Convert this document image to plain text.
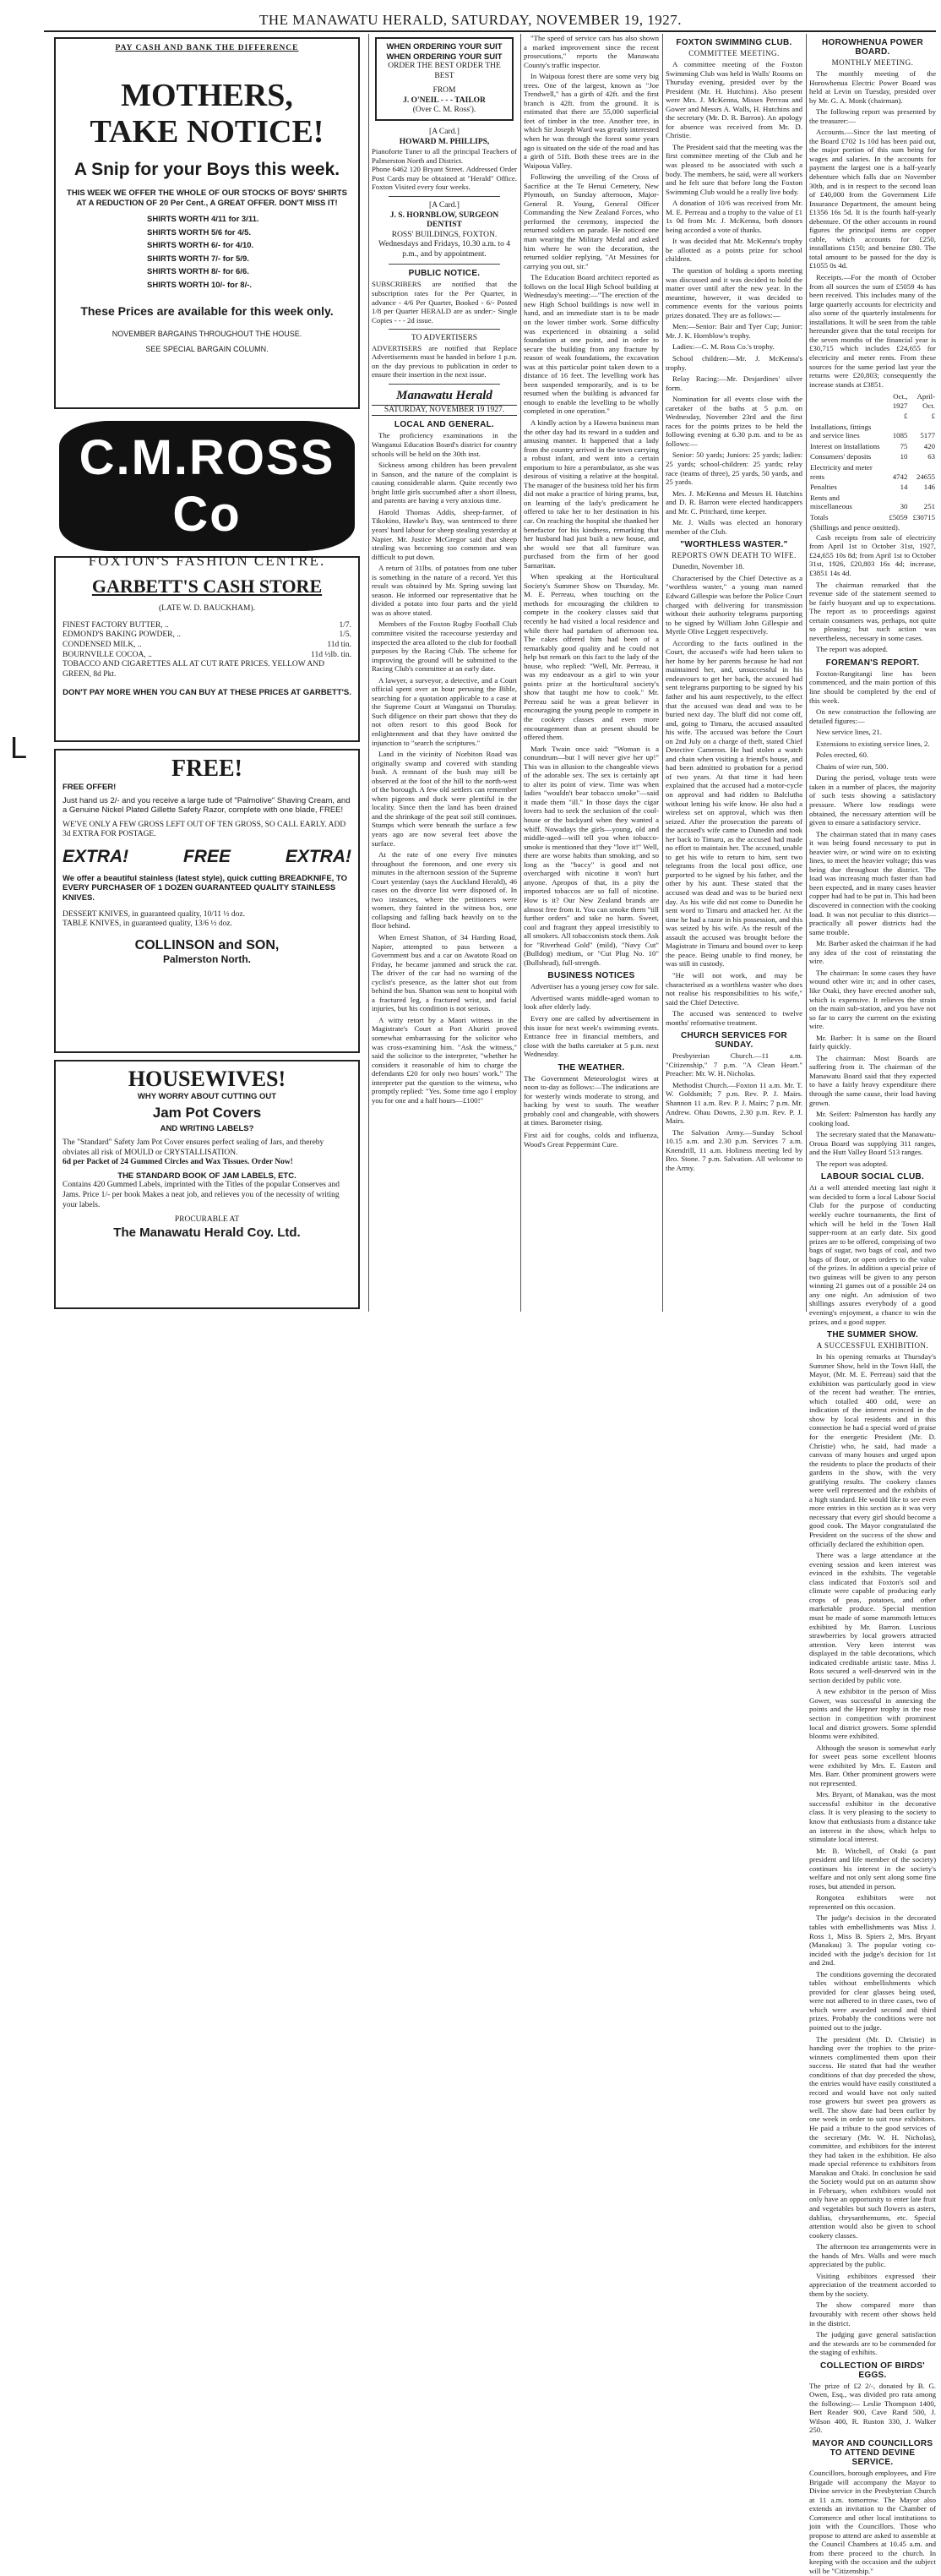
THE MANAWATU HERALD, SATURDAY, NOVEMBER 19, 1927.
L
PAY CASH AND BANK THE DIFFERENCE
MOTHERS, TAKE NOTICE!
A Snip for your Boys this week.
THIS WEEK WE OFFER THE WHOLE OF OUR STOCKS OF BOYS' SHIRTS AT A REDUCTION OF 20 Per Cent., A GREAT OFFER. DON'T MISS IT!
SHIRTS WORTH 4/11 for 3/11.
SHIRTS WORTH 5/6 for 4/5.
SHIRTS WORTH 6/- for 4/10.
SHIRTS WORTH 7/- for 5/9.
SHIRTS WORTH 8/- for 6/6.
SHIRTS WORTH 10/- for 8/-.
These Prices are available for this week only.
NOVEMBER BARGAINS THROUGHOUT THE HOUSE.
SEE SPECIAL BARGAIN COLUMN.
C.M.ROSS Co
FOXTON'S FASHION CENTRE.
GARBETT'S CASH STORE
(LATE W. D. BAUCKHAM).
FINEST FACTORY BUTTER, ..	1/7.
EDMOND'S BAKING POWDER, ..	1/5.
CONDENSED MILK, ..	11d tin.
BOURNVILLE COCOA, ..	11d ½lb. tin.
TOBACCO AND CIGARETTES ALL AT CUT RATE PRICES. YELLOW AND GREEN, 8d Pkt.
DON'T PAY MORE WHEN YOU CAN BUY AT THESE PRICES AT GARBETT'S.
FREE!
FREE OFFER!
Just hand us 2/- and you receive a large tude of "Palmolive" Shaving Cream, and a Genuine Nickel Plated Gillette Safety Razor, complete with one blade, FREE!
WE'VE ONLY A FEW GROSS LEFT OUT OF TEN GROSS, SO CALL EARLY. ADD 3d EXTRA FOR POSTAGE.
EXTRA!	FREE	EXTRA!
We offer a beautiful stainless (latest style), quick cutting BREADKNIFE, TO EVERY PURCHASER OF 1 DOZEN GUARANTEED QUALITY STAINLESS KNIVES.
DESSERT KNIVES, in guaranteed quality, 10/11 ½ doz.
TABLE KNIVES, in guaranteed quality, 13/6 ½ doz.
COLLINSON and SON,
Palmerston North.
HOUSEWIVES!
WHY WORRY ABOUT CUTTING OUT
Jam Pot Covers
AND WRITING LABELS?
The "Standard" Safety Jam Pot Cover ensures perfect sealing of Jars, and thereby obviates all risk of MOULD or CRYSTALLISATION.
6d per Packet of 24 Gummed Circles and Wax Tissues. Order Now!
THE STANDARD BOOK OF JAM LABELS, ETC.
Contains 420 Gummed Labels, imprinted with the Titles of the popular Conserves and Jams. Price 1/- per book Makes a neat job, and relieves you of the necessity of writing your labels.
PROCURABLE AT
The Manawatu Herald Coy. Ltd.
WHEN ORDERING YOUR SUIT
WHEN ORDERING YOUR SUIT
ORDER THE BEST ORDER THE BEST
FROM
J. O'NEIL - - - TAILOR
(Over C. M. Ross').
[A Card.]
HOWARD M. PHILLIPS,
Pianoforte Tuner to all the principal Teachers of Palmerston North and District.
Phone 6462 120 Bryant Street. Addressed Order Post Cards may be obtained at "Herald" Office. Foxton Visited every four weeks.
[A Card.]
J. S. HORNBLOW, SURGEON DENTIST
ROSS' BUILDINGS, FOXTON.
Wednesdays and Fridays, 10.30 a.m. to 4 p.m., and by appointment.
PUBLIC NOTICE.
SUBSCRIBERS are notified that the subscription rates for the Per Quarter, in advance - 4/6 Per Quarter, Booked - 6/- Posted 1/8 per Quarter HERALD are as under:- Single Copies - - - 2d issue.
TO ADVERTISERS
ADVERTISERS are notified that Replace Advertisements must be handed in before 1 p.m. on the day previous to publication in order to ensure their insertion in the next issue.
Manawatu Herald
SATURDAY, NOVEMBER 19 1927.
LOCAL AND GENERAL.

The proficiency examinations in the Wanganui Education Board's district for country schools will be held on the 30th inst.

Sickness among children has been prevalent in Sanson, and the nature of the complaint is causing considerable alarm. Quite recently two bright little girls succumbed after a short illness, and parents are having a very anxious time.

Harold Thomas Addis, sheep-farmer, of Tikokino, Hawke's Bay, was sentenced to three years' hard labour for sheep stealing yesterday at Napier. Mr. Justice McGregor said that sheep stealing was becoming too common and was difficult to put down.

A return of 31lbs. of potatoes from one tuber is something in the nature of a record. Yet this result was obtained by Mr. Spring sowing last season. He informed our representative that he divided a potato into four parts and the yield was as above stated.

Members of the Foxton Rugby Football Club committee visited the racecourse yesterday and inspected the area alloted to the club for football purposes by the Racing Club. The scheme for improving the ground will be submitted to the Racing Club's committee at an early date.

A lawyer, a surveyor, a detective, and a Court official spent over an hour perusing the Bible, searching for a quotation applicable to a case at the Supreme Court at Wanganui on Thursday. Such diligence on their part shows that they do not often resort to this good Book for enlightenment and that they have omitted the injunction to "search the scriptures."

Land in the vicinity of Norbiton Road was originally swamp and covered with standing bush. A remnant of the bush may still be observed at the foot of the hill to the north-west of the borough. A few old settlers can remember when pigeons and duck were plentiful in the locality. Since then the land has been drained and the shrinkage of the peat soil still continues. Stumps which were beneath the surface a few years ago are now several feet above the surface.

At the rate of one every five minutes throughout the forenoon, and one every six minutes in the afternoon session of the Supreme Court yesterday (says the Auckland Herald), 46 cases on the divorce list were disposed of. In two instances, where the petitioners were women, they fainted in the witness box, one collapsing and falling back heavily on to the floor behind.

When Ernest Shatton, of 34 Harding Road, Napier, attempted to pass between a Government bus and a car on Awatoto Road on Friday, he became jammed and struck the car. The driver of the car had no warning of the cyclist's presence, as the latter shot out from behind the bus. Shatton was sent to hospital with a fractured leg, a fractured wrist, and facial injuries, but his condition is not serious.

A witty retort by a Maori witness in the Magistrate's Court at Port Ahuriri proved somewhat embarrassing for the solicitor who was cross-examining him. "Ask the witness," said the solicitor to the interpreter, "whether he considers it reasonable of him to charge the defendants £20 for only two hours' work." The interpreter put the question to the witness, who promptly replied: "Yes. Some time ago I employ you for one and a half hours—£100!"

"The speed of service cars has also shown a marked improvement since the recent prosecutions," reports the Manawatu County's traffic inspector.

In Waipoua forest there are some very big trees. One of the largest, known as "Joe Trendwell," has a girth of 42ft. and the first branch is 42ft. from the ground. It is estimated that there are 55,000 superficial feet of timber in the tree. Another tree, in which Sir Joseph Ward was greatly interested when he was through the forest some years ago is situated on the side of the road and has a girth of 51ft. Both these trees are in the Waipoua Valley.

Following the unveiling of the Cross of Sacrifice at the Te Henui Cemetery, New Plymouth, on Sunday afternoon, Major-General R. Young, General Officer Commanding the New Zealand Forces, who performed the ceremony, inspected the returned soldiers on parade. He noticed one man wearing the Military Medal and asked him where he won the decoration, the returned soldier replying, "At Messines for carrying you out, sir."

The Education Board architect reported as follows on the local High School building at Wednesday's meeting:—"The erection of the new High School buildings is now well in hand, and an immediate start is to be made on the lower timber work. Some difficulty was experienced in obtaining a solid foundation at one point, and in order to secure the building from any fracture by reason of weak foundations, the excavation was at this particular point taken down to a distance of 16 feet. The levelling work has been suspended temporarily, and is to be resumed when the building is advanced far enough to enable the levelling to be wholly completed in one operation."

A kindly action by a Hawera business man the other day had its reward in a sudden and amusing manner. It happened that a lady from the country arrived in the town carrying a robust infant, and went into a certain emporium to hire a perambulator, as she was desirous of visiting a relative at the hospital. The manager of the business told her his firm did not make a practice of hiring prams, but, on learning of the lady's predicament he offered to take her to her destination in his car. On reaching the hospital she thanked her benefactor for his kindness, remarking that her husband had just built a new house, and she would see that all furniture was purchased from the firm of her good Samaritan.

When speaking at the Horticultural Society's Summer Show on Thursday, Mr. M. E. Perreau, when touching on the methods for encouraging the children to compete in the cookery classes said that recently he had visited a local residence and while there had partaken of afternoon tea. The cakes offered him had been of a remarkably good quality and he could not help but remark on this fact to the lady of the house, who replied: "Well, Mr. Perreau, it was my endeavour as a girl to win your points prize at the horticultural society's show that taught me how to cook." Mr. Perreau said he was a great believer in encouraging the young people to compete in the cookery classes and even more encouragement than at present should be offered them.

Mark Twain once said: "Woman is a conundrum—but I will never give her up!" This was in allusion to the changeable views of the adorable sex. The sex is certainly apt to alter its point of view. Time was when ladies "wouldn't bear tobacco smoke"—said it made them "ill." In those days the cigar lovers had to seek the seclusion of the cool-house or the backyard when they wanted a whiff. Nowadays the girls—young, old and middle-aged—will tell you when tobacco-smoke is mentioned that they "love it!" Well, there are worse habits than smoking, and so long as the "baccy" is good and not overcharged with nicotine it won't hurt anyone. Apropos of that, its a pity the imported tobaccos are so full of nicotine. How is it? Our New Zealand brands are almost free from it. You can smoke them "till further orders" and take no harm. Sweet, cool and fragrant they appeal irresistibly to all smokers. All tobacconists stock them. Ask for "Riverhead Gold" (mild), "Navy Cut" (Bulldog) medium, or "Cut Plug No. 10" (Bullshead), full-strength.

BUSINESS NOTICES

Advertiser has a young jersey cow for sale.

Advertised wants middle-aged woman to look after elderly lady.

Every one are called by advertisement in this issue for next week's swimming events. Entrance free in financial members, and close with the baths caretaker at 5 p.m. next Wednesday.

THE WEATHER.
The Government Meteorologist wires at noon to-day as follows:—The indications are for westerly winds moderate to strong, and backing by west to south. The weather probably cool and changeable, with showers at times. Barometer rising.
First aid for coughs, colds and influenza, Wood's Great Peppermint Cure.
FOXTON SWIMMING CLUB.
COMMITTEE MEETING.

A committee meeting of the Foxton Swimming Club was held in Walls' Rooms on Thursday evening, presided over by the President (Mr. H. Hutchins). Also present were Mrs. J. McKenna, Misses Perreau and Gower and Messrs A. Walls, H. Hutchins and the secretary (Mr. D. R. Barron). An apology for absence was received from Mr. D. Christie.

The President said that the meeting was the first committee meeting of the Club and he was pleased to be associated with such a body. The members, he said, were all workers and he felt sure that before long the Foxton Swimming Club would be a really live body.

A donation of 10/6 was received from Mr. M. E. Perreau and a trophy to the value of £1 1s 0d from Mr. J. McKenna, both donors being accorded a vote of thanks.

It was decided that Mr. McKenna's trophy be allotted as a points prize for school children.

The question of holding a sports meeting was discussed and it was decided to hold the matter over until after the new year. In the meantime, however, it was decided to commence events for the various points prizes donated. They are as follows:—

Men:—Senior: Bair and Tyer Cup; Junior: Mr. J. K. Hornblow's trophy.

Ladies:—C. M. Ross Co.'s trophy.

School children:—Mr. J. McKenna's trophy.

Relay Racing:—Mr. Desjardines' silver form.

Nomination for all events close with the caretaker of the baths at 5 p.m. on Wednesday, November 23rd and the first races for the points prizes to be held the following evening at 6.30 p.m. and to be as follows:—

Senior: 50 yards; Juniors: 25 yards; ladies: 25 yards; school-children: 25 yards; relay race (teams of three), 25 yards, 50 yards, and 25 yards.

Mrs. J. McKenna and Messrs H. Hutchins and D. R. Barron were elected handicappers and Mr. C. Pritchard, time keeper.

Mr. J. Walls was elected an honorary member of the Club.

"WORTHLESS WASTER."
REPORTS OWN DEATH TO WIFE.

Dunedin, November 18.

Characterised by the Chief Detective as a "worthless waster," a young man named Edward Gillespie was before the Police Court charged with delivering for transmission without their authority telegrams purporting to be signed by William John Gillespie and Myrtle Olive Leggett respectively.

According to the facts outlined in the Court, the accused's wife had been taken to her home by her parents because he had not maintained her, and, unsuccessful in his endeavours to get her back, the accused had sent telegrams purporting to be signed by his father and his aunt respectively, to the effect that the accused was dead and was to be buried next day. The bluff did not come off, and, going to Timaru, the accused assaulted his wife. The accused was before the Court on 2nd July on a charge of theft, stated Chief Detective Cameron. He had stolen a watch and chain when visiting a friend's house, and had been admitted to probation for a period of two years. At that time it had been explained that the accused had a motor-cycle on approval and had ridden to Balclutha without letting his wife know. He also had a wireless set on approval, which was then seized. After the prosecution the parents of the accused's wife came to Dunedin and took her back to Timaru, as the accused had made no effort to maintain her. The accused, unable to get his wife to return to him, sent two telegrams from the local post office, one purported to be signed by his father, and the other by his aunt. These stated that the accused was dead and was to be buried next day. As his wife did not come to Dunedin he sent word to Timaru and attacked her. At the time he had a razor in his possession, and this was seized by his wife. As the result of the assault the accused was brought before the Magistrate in Timaru and bound over to keep the peace. Being unable to find money, he was still in custody.

"He will not work, and may be characterised as a worthless waster who does not realise his responsibilities to his wife," said the Chief Detective.

The accused was sentenced to twelve months' reformative treatment.

CHURCH SERVICES FOR SUNDAY.

Presbyterian Church.—11 a.m. "Citizenship," 7 p.m. "A Clean Heart." Preacher: Mr. W. H. Nicholas.

Methodist Church.—Foxton 11 a.m. Mr. T. W. Goldsmith; 7 p.m. Rev. P. J. Mairs. Shannon 11 a.m. Rev. P. J. Mairs; 7 p.m. Mr. Andrew. Ohau Downs, 2.30 p.m. Rev. P. J. Mairs.

The Salvation Army.—Sunday School 10.15 a.m. and 2.30 p.m. Services 7 a.m. Knendrill, 11 a.m. Holiness meeting led by Bro. Stone. 7 p.m. Salvation. All welcome to the Army.

HOROWHENUA POWER BOARD.
MONTHLY MEETING.

The monthly meeting of the Horowhenua Electric Power Board was held at Levin on Tuesday, presided over by Mr. G. A. Monk (chairman).

The following report was presented by the treasurer:—

Accounts.—Since the last meeting of the Board £702 1s 10d has been paid out, the major portion of this sum being for wages and salaries. In the accounts for payment the largest one is a half-yearly debenture which falls due on November 30th, and is in respect to the second loan of £40,000 from the Government Life Insurance Department, the amount being £1356 16s 5d. It is the fourth half-yearly debenture. Of the other accounts in round figures the principal items are copper cable, which accounts for £250, installations £150; and benzine £80. The total amount to be passed for the day is £1055 0s 4d.

Receipts.—For the month of October from all sources the sum of £5059 4s has been received. This includes many of the large quarterly accounts for electricity and also some of the quarterly instalments for installations. It will be seen from the table hereunder given that the total receipts for the seven months of the financial year is £30,715 which includes £24,655 for electricity and meter rents. From these sources for the same period last year the returns were £20,803; consequently the increase stands at £3851.

	Oct., 1927	April-Oct.
	£	£
Installations, fittings and service lines	1085	5177
Interest on Installations	75	420
Consumers' deposits	10	63
Electricity and meter rents	4742	24655
Penalties	14	146
Rents and miscellaneous	30	251
Totals	£5059	£30715
(Shillings and pence omitted).		

Cash receipts from sale of electricity from April 1st to October 31st, 1927, £24,655 10s 8d; from April 1st to October 31st, 1926, £20,803 16s 4d; increase, £3851 14s 4d.

The chairman remarked that the revenue side of the statement seemed to be fairly buoyant and up to expectations. The report as to proceedings against certain consumers was, perhaps, not quite so pleasing; but such action was nevertheless, necessary in some cases.

The report was adopted.

FOREMAN'S REPORT.

Foxton-Rangitangi line has been commenced, and the main portion of this line should be completed by the end of this week.

On new construction the following are detailed figures:—

New service lines, 21.

Extensions to existing service lines, 2.

Poles erected, 60.

Chains of wire run, 500.

During the period, voltage tests were taken in a number of places, the majority of such tests showing a satisfactory pressure. Where low readings were obtained, the necessary attention will be given to ensure a satisfactory service.

The chairman stated that in many cases it was being found necessary to put in heavier wire, or wind wire on to existing lines, to meet the heavier voltage; this was being due throughout the district. The load was increasing much faster than had been expected, and in many cases heavier copper had had to be put in. This had been discovered in connection with the cooking load. It was not peculiar to this district—practically all power districts had the same trouble.

Mr. Barber asked the chairman if he had any idea of the cost of reinstating the wire.

The chairman: In some cases they have wound other wire in; and in other cases, like Otaki, they have erected another sub, which is expensive. It relieves the strain on the main sub-station, and you have not so far to carry the current on the existing wire.

Mr. Barber: It is same on the Board fairly quickly.

The chairman: Most Boards are suffering from it. The chairman of the Manawatu Board said that they expected to have a fairly heavy expenditure there through the same cause, their load having grown.

Mr. Seifert: Palmerston has hardly any cooking load.

The secretary stated that the Manawatu-Oroua Board was supplying 311 ranges, and the Hutt Valley Board 513 ranges.

The report was adopted.

LABOUR SOCIAL CLUB.
At a well attended meeting last night it was decided to form a local Labour Social Club for the purpose of conducting weekly euchre tournaments, the first of which will be held in the Town Hall supper-room at an early date. Six good prizes are to be offered, comprising of two bags of sugar, two bags of coal, and two bags of flour, or open orders to the value of the prizes. In addition a special prize of two guineas will be given to any person winning 21 games out of a possible 24 on any one night. An admission of two shillings assures everybody of a good evening's enjoyment, a chance to win the prizes, and a good supper.
THE SUMMER SHOW.
A SUCCESSFUL EXHIBITION.

In his opening remarks at Thursday's Summer Show, held in the Town Hall, the Mayor, (Mr. M. E. Perreau) said that the exhibition was particularly good in view of the recent bad weather. The entries, which totalled 400 odd, were an indication of the interest evinced in the show by local residents and in this connection he had a special word of praise for the energetic President (Mr. D. Christie) who, he said, had made a canvass of many houses and urged upon the residents to place the products of their gardens in the show, with the very gratifying results. The cookery classes were well represented and the exhibits of a high standard. He would like to see even more entries in this section as it was very necessary that every girl should become a good cook. The Mayor congratulated the President on the success of the show and officially declared the exhibition open.

There was a large attendance at the evening session and keen interest was evinced in the exhibits. The vegetable class indicated that Foxton's soil and climate were capable of producing early crops of peas, potatoes, and other marketable produce. Special mention must be made of some mammoth lettuces exhibited by Mr. Barron. Luscious strawberries by local growers attracted attention. Very keen interest was displayed in the table decorations, which indicated creditable artistic taste. Miss J. Ross secured a well-deserved win in the section decided by public vote.

A new exhibitor in the person of Miss Gower, was successful in annexing the points and the Hepner trophy in the rose section in competition with prominent local and district growers. Some splendid blooms were exhibited.

Although the season is somewhat early for sweet peas some excellent blooms were exhibited by Mrs. E. Easton and Mrs. Barr. Other prominent growers were not represented.

Mrs. Bryant, of Manakau, was the most successful exhibitor in the decorative class. It is very pleasing to the society to know that enthusiasts from a distance take an interest in the show, which helps to stimulate local interest.

Mr. B. Witchell, of Otaki (a past president and life member of the society) continues his interest in the society's welfare and not only sent along some fine roses, but attended in person.

Rongotea exhibitors were not represented on this occasion.

The judge's decision in the decorated tables with embellishments was Miss J. Ross 1, Miss B. Spiers 2, Mrs. Bryant (Manakau) 3. The popular voting co-incided with the judge's decision for 1st and 2nd.

The conditions governing the decorated tables without embellishments which provided for clear glasses being used, were not adhered to in three cases, two of which were awarded second and third prizes. Probably the conditions were not pointed out to the judge.

The president (Mr. D. Christie) in handing over the trophies to the prize-winners complimented them upon their success. He stated that had the weather conditions of that day preceded the show, the entries would have easily constituted a record and would have not only suited rose growers but sweet pea growers as well. The show date had been earlier by one week in order to suit rose exhibitors. He paid a tribute to the good services of the secretary (Mr. W. H. Nicholas), committee, and exhibitors for the interest they had taken in the exhibition. He also made special reference to exhibitors from Manakau and Otaki. In conclusion he said the Society would put on an autumn show in February, when exhibitors would not only have an opportunity to enter late fruit and vegetables but such flowers as asters, dahlias, chrysanthemums, etc. Special attention would also be given to school cookery classes.

The afternoon tea arrangements were in the hands of Mrs. Walls and were much appreciated by the public.

Visiting exhibitors expressed their appreciation of the treatment accorded to them by the society.

The show compared more than favourably with recent other shows held in the district.

The judging gave general satisfaction and the stewards are to be commended for the staging of exhibits.

COLLECTION OF BIRDS' EGGS.
The prize of £2 2/-, donated by B. G. Owen, Esq., was divided pro rata among the following:— Leslie Thompson 1400, Bert Reader 900, Cave Rand 500, J. Wilson 400, R. Ruston 330, J. Walker 250.
MAYOR AND COUNCILLORS TO ATTEND DEVINE SERVICE.
Councillors, borough employees, and Fire Brigade will accompany the Mayor to Divine service in the Presbyterian Church at 11 a.m. tomorrow. The Mayor also extends an invitation to the Chamber of Commerce and other local institutions to join with the Councillors. Those who propose to attend are asked to assemble at the Council Chambers at 10.45 a.m. and from there proceed to the church. In keeping with the occasion and the subject will be "Citizenship."
